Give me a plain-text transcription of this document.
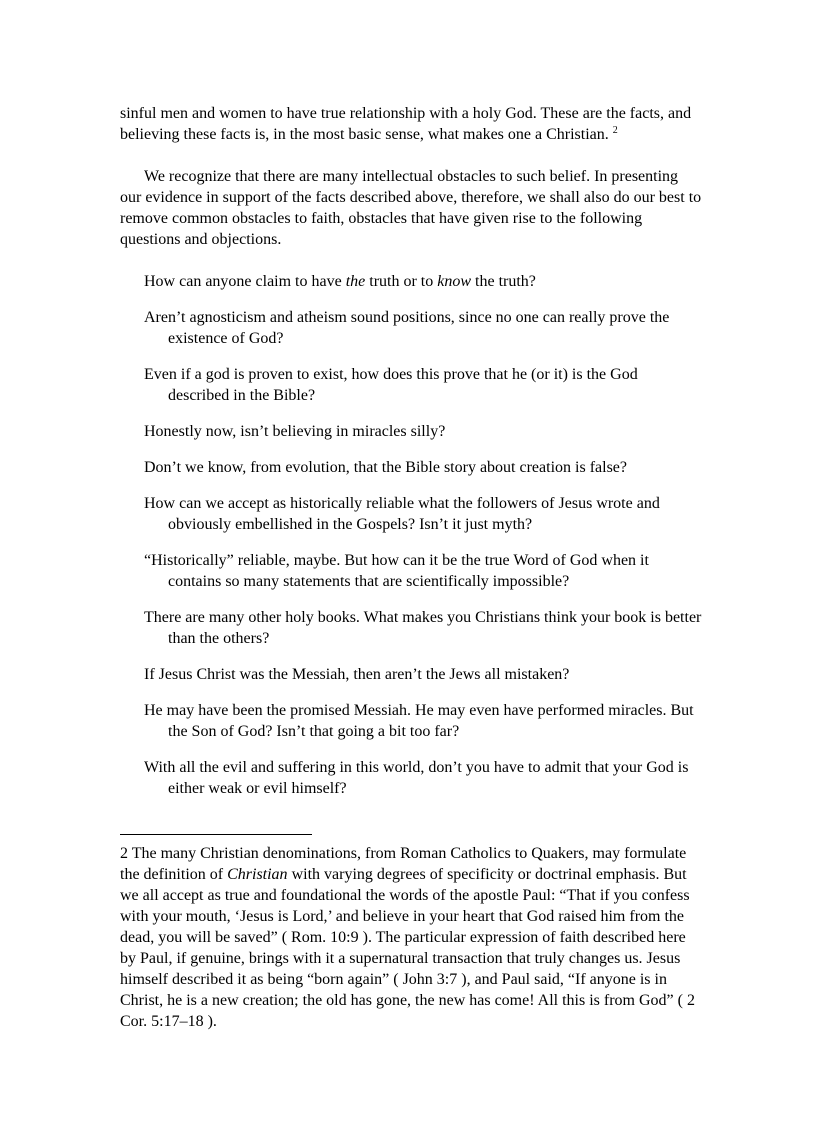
sinful men and women to have true relationship with a holy God. These are the facts, and believing these facts is, in the most basic sense, what makes one a Christian. $^2$

We recognize that there are many intellectual obstacles to such belief. In presenting our evidence in support of the facts described above, therefore, we shall also do our best to remove common obstacles to faith, obstacles that have given rise to the following questions and objections.

How can anyone claim to have the truth or to know the truth?
Aren’t agnosticism and atheism sound positions, since no one can really prove the existence of God?
Even if a god is proven to exist, how does this prove that he (or it) is the God described in the Bible?
Honestly now, isn’t believing in miracles silly?
Don’t we know, from evolution, that the Bible story about creation is false?
How can we accept as historically reliable what the followers of Jesus wrote and obviously embellished in the Gospels? Isn’t it just myth?
“Historically” reliable, maybe. But how can it be the true Word of God when it contains so many statements that are scientifically impossible?
There are many other holy books. What makes you Christians think your book is better than the others?
If Jesus Christ was the Messiah, then aren’t the Jews all mistaken?
He may have been the promised Messiah. He may even have performed miracles. But the Son of God? Isn’t that going a bit too far?
With all the evil and suffering in this world, don’t you have to admit that your God is either weak or evil himself?

2 The many Christian denominations, from Roman Catholics to Quakers, may formulate the definition of Christian with varying degrees of specificity or doctrinal emphasis. But we all accept as true and foundational the words of the apostle Paul: “That if you confess with your mouth, ‘Jesus is Lord,’ and believe in your heart that God raised him from the dead, you will be saved” ( Rom. 10:9 ). The particular expression of faith described here by Paul, if genuine, brings with it a supernatural transaction that truly changes us. Jesus himself described it as being “born again” ( John 3:7 ), and Paul said, “If anyone is in Christ, he is a new creation; the old has gone, the new has come! All this is from God” ( 2 Cor. 5:17–18 ).
